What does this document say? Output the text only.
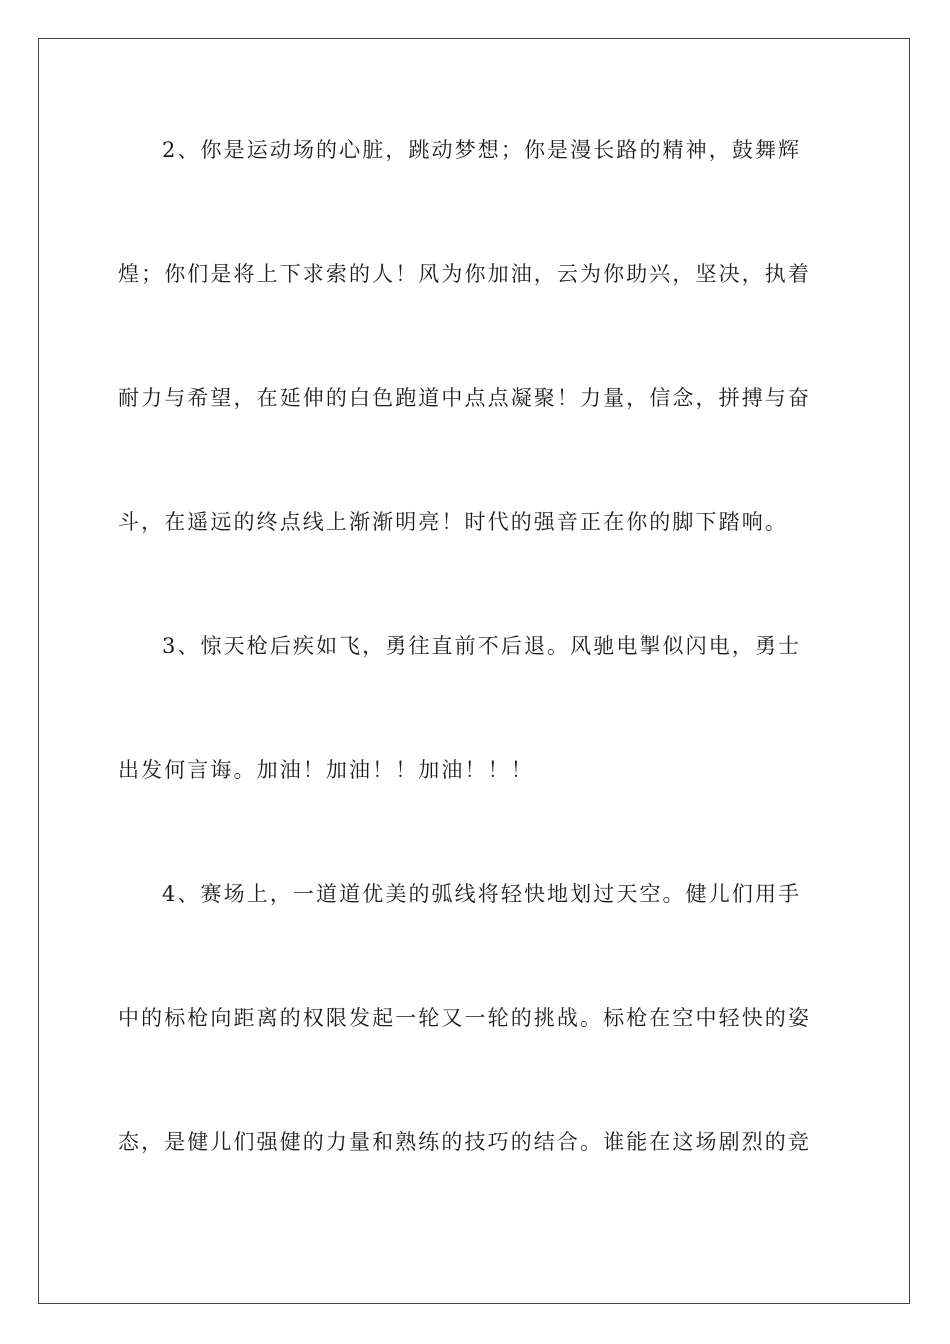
2、你是运动场的心脏，跳动梦想；你是漫长路的精神，鼓舞辉
煌；你们是将上下求索的人！风为你加油，云为你助兴，坚决，执着
耐力与希望，在延伸的白色跑道中点点凝聚！力量，信念，拼搏与奋
斗，在遥远的终点线上渐渐明亮！时代的强音正在你的脚下踏响。
3、惊天枪后疾如飞，勇往直前不后退。风驰电掣似闪电，勇士
出发何言诲。加油！加油！！加油！！！
4、赛场上，一道道优美的弧线将轻快地划过天空。健儿们用手
中的标枪向距离的权限发起一轮又一轮的挑战。标枪在空中轻快的姿
态，是健儿们强健的力量和熟练的技巧的结合。谁能在这场剧烈的竞
